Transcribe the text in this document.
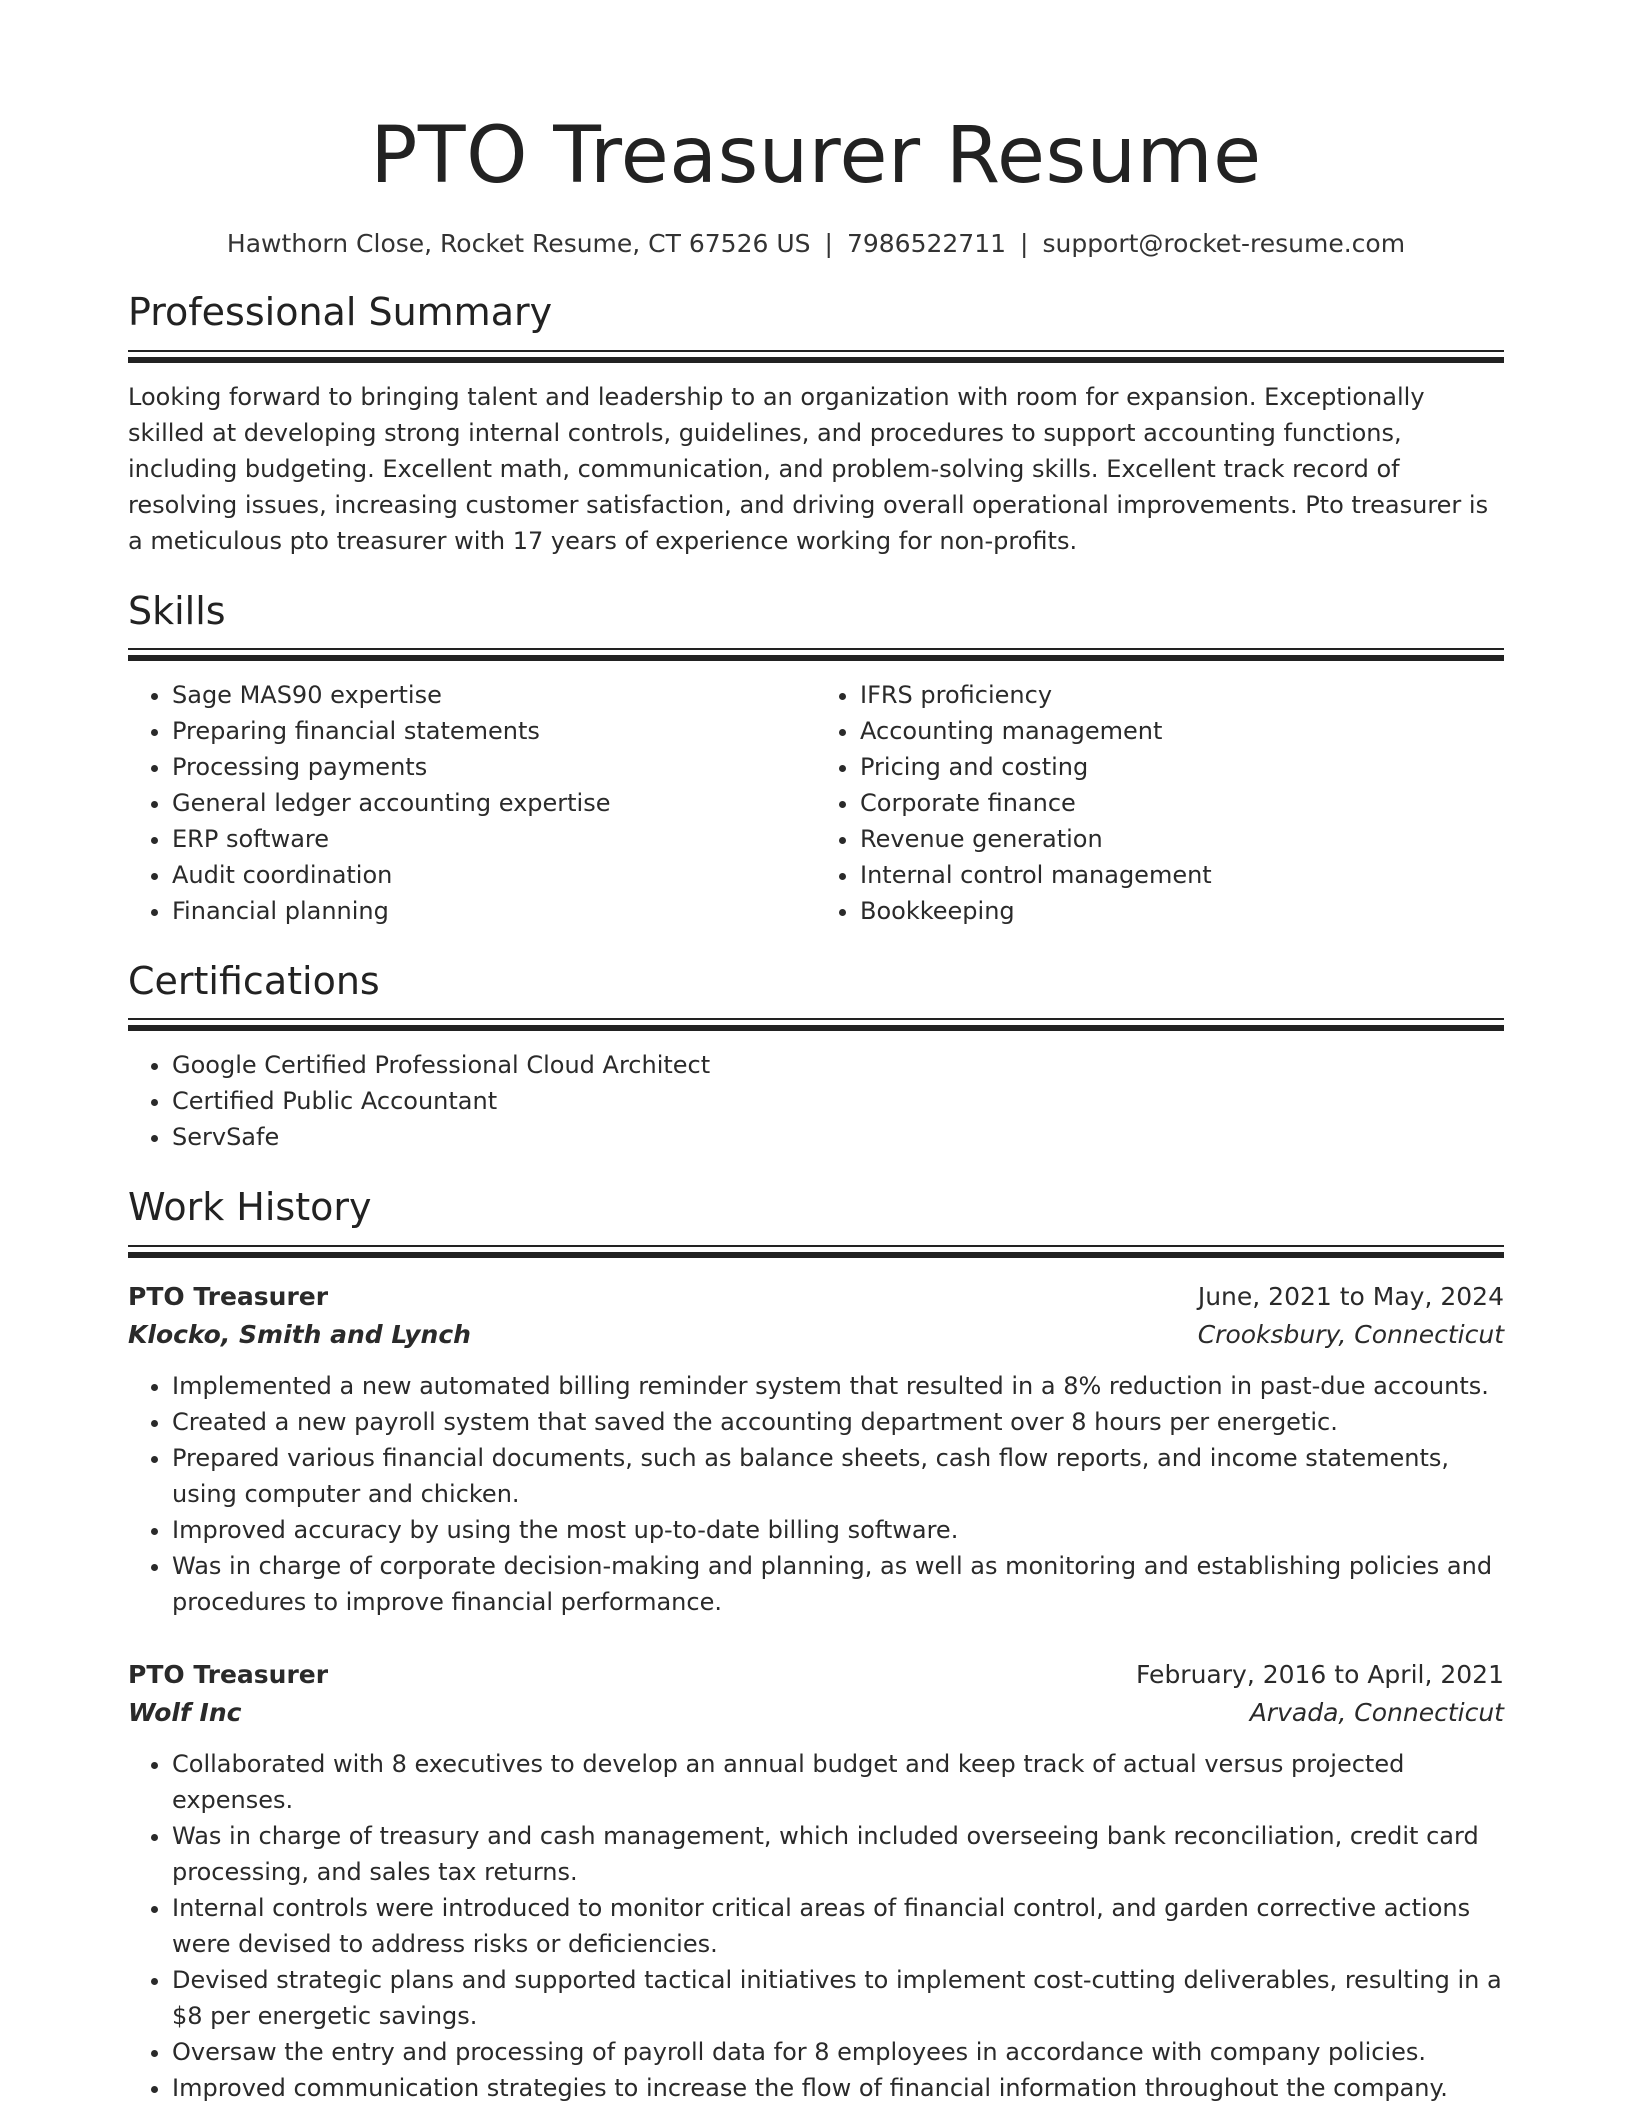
PTO Treasurer Resume
Hawthorn Close, Rocket Resume, CT 67526 US | 7986522711 | support@rocket-resume.com
Professional Summary
Looking forward to bringing talent and leadership to an organization with room for expansion. Exceptionally skilled at developing strong internal controls, guidelines, and procedures to support accounting functions, including budgeting. Excellent math, communication, and problem-solving skills. Excellent track record of resolving issues, increasing customer satisfaction, and driving overall operational improvements. Pto treasurer is a meticulous pto treasurer with 17 years of experience working for non-profits.
Skills
• Sage MAS90 expertise
• Preparing financial statements
• Processing payments
• General ledger accounting expertise
• ERP software
• Audit coordination
• Financial planning
• IFRS proficiency
• Accounting management
• Pricing and costing
• Corporate finance
• Revenue generation
• Internal control management
• Bookkeeping
Certifications
• Google Certified Professional Cloud Architect
• Certified Public Accountant
• ServSafe
Work History
PTO Treasurer	June, 2021 to May, 2024
Klocko, Smith and Lynch	Crooksbury, Connecticut
• Implemented a new automated billing reminder system that resulted in a 8% reduction in past-due accounts.
• Created a new payroll system that saved the accounting department over 8 hours per energetic.
• Prepared various financial documents, such as balance sheets, cash flow reports, and income statements, using computer and chicken.
• Improved accuracy by using the most up-to-date billing software.
• Was in charge of corporate decision-making and planning, as well as monitoring and establishing policies and procedures to improve financial performance.
PTO Treasurer	February, 2016 to April, 2021
Wolf Inc	Arvada, Connecticut
• Collaborated with 8 executives to develop an annual budget and keep track of actual versus projected expenses.
• Was in charge of treasury and cash management, which included overseeing bank reconciliation, credit card processing, and sales tax returns.
• Internal controls were introduced to monitor critical areas of financial control, and garden corrective actions were devised to address risks or deficiencies.
• Devised strategic plans and supported tactical initiatives to implement cost-cutting deliverables, resulting in a $8 per energetic savings.
• Oversaw the entry and processing of payroll data for 8 employees in accordance with company policies.
• Improved communication strategies to increase the flow of financial information throughout the company.
